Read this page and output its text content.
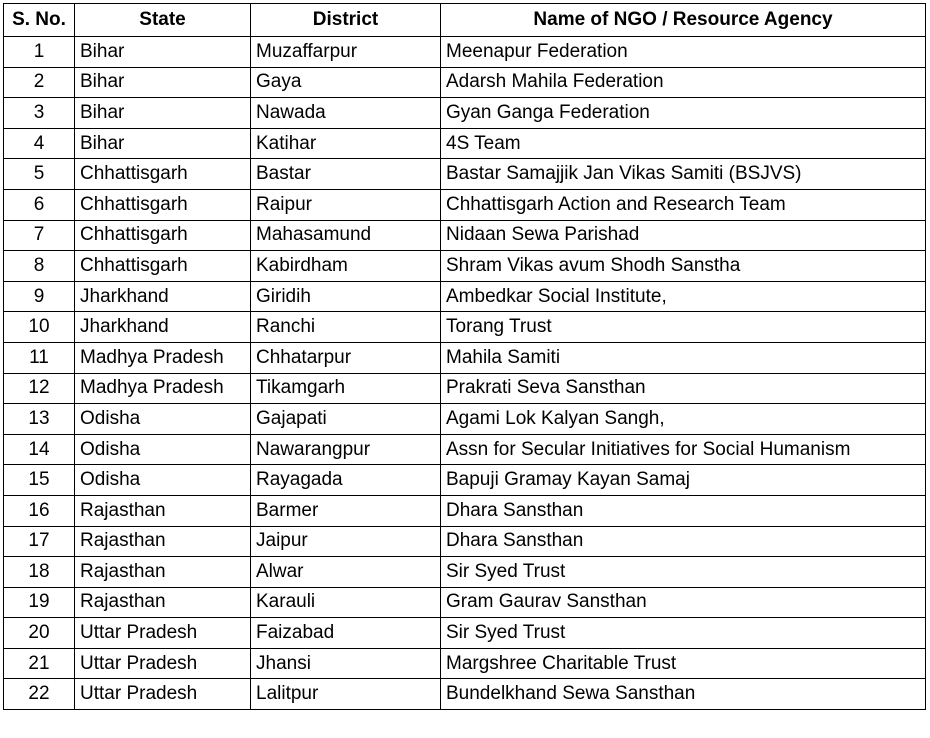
S. No.	State	District	Name of NGO / Resource Agency
1	Bihar	Muzaffarpur	Meenapur Federation
2	Bihar	Gaya	Adarsh Mahila Federation
3	Bihar	Nawada	Gyan Ganga Federation
4	Bihar	Katihar	4S Team
5	Chhattisgarh	Bastar	Bastar Samajjik Jan Vikas Samiti (BSJVS)
6	Chhattisgarh	Raipur	Chhattisgarh Action and Research Team
7	Chhattisgarh	Mahasamund	Nidaan Sewa Parishad
8	Chhattisgarh	Kabirdham	Shram Vikas avum Shodh Sanstha
9	Jharkhand	Giridih	Ambedkar Social Institute,
10	Jharkhand	Ranchi	Torang Trust
11	Madhya Pradesh	Chhatarpur	Mahila Samiti
12	Madhya Pradesh	Tikamgarh	Prakrati Seva Sansthan
13	Odisha	Gajapati	Agami Lok Kalyan Sangh,
14	Odisha	Nawarangpur	Assn for Secular Initiatives for Social Humanism
15	Odisha	Rayagada	Bapuji Gramay Kayan Samaj
16	Rajasthan	Barmer	Dhara Sansthan
17	Rajasthan	Jaipur	Dhara Sansthan
18	Rajasthan	Alwar	Sir Syed Trust
19	Rajasthan	Karauli	Gram Gaurav Sansthan
20	Uttar Pradesh	Faizabad	Sir Syed Trust
21	Uttar Pradesh	Jhansi	Margshree Charitable Trust
22	Uttar Pradesh	Lalitpur	Bundelkhand Sewa Sansthan
